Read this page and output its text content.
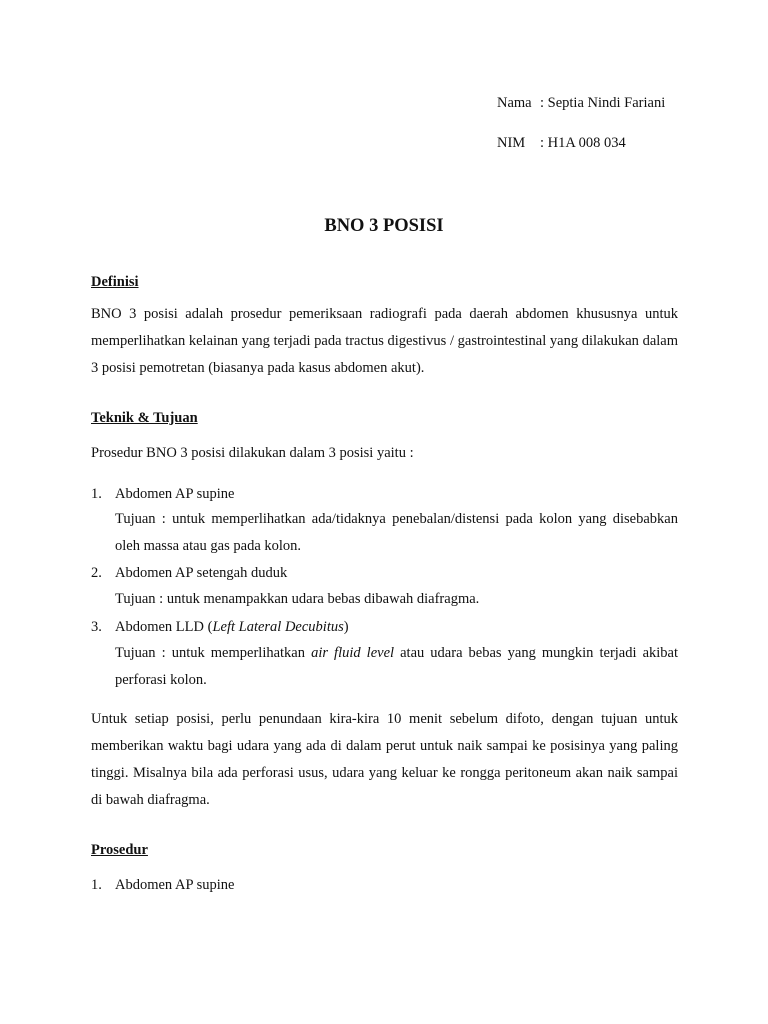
Nama : Septia Nindi Fariani
NIM : H1A 008 034
BNO 3 POSISI
Definisi

BNO 3 posisi adalah prosedur pemeriksaan radiografi pada daerah abdomen khususnya untuk memperlihatkan kelainan yang terjadi pada tractus digestivus / gastrointestinal yang dilakukan dalam 3 posisi pemotretan (biasanya pada kasus abdomen akut).

Teknik & Tujuan
Prosedur BNO 3 posisi dilakukan dalam 3 posisi yaitu :
1. Abdomen AP supine

Tujuan : untuk memperlihatkan ada/tidaknya penebalan/distensi pada kolon yang disebabkan oleh massa atau gas pada kolon.

2. Abdomen AP setengah duduk

Tujuan : untuk menampakkan udara bebas dibawah diafragma.

3. Abdomen LLD (Left Lateral Decubitus)

Tujuan : untuk memperlihatkan air fluid level atau udara bebas yang mungkin terjadi akibat perforasi kolon.

Untuk setiap posisi, perlu penundaan kira-kira 10 menit sebelum difoto, dengan tujuan untuk memberikan waktu bagi udara yang ada di dalam perut untuk naik sampai ke posisinya yang paling tinggi. Misalnya bila ada perforasi usus, udara yang keluar ke rongga peritoneum akan naik sampai di bawah diafragma.

Prosedur
1. Abdomen AP supine
